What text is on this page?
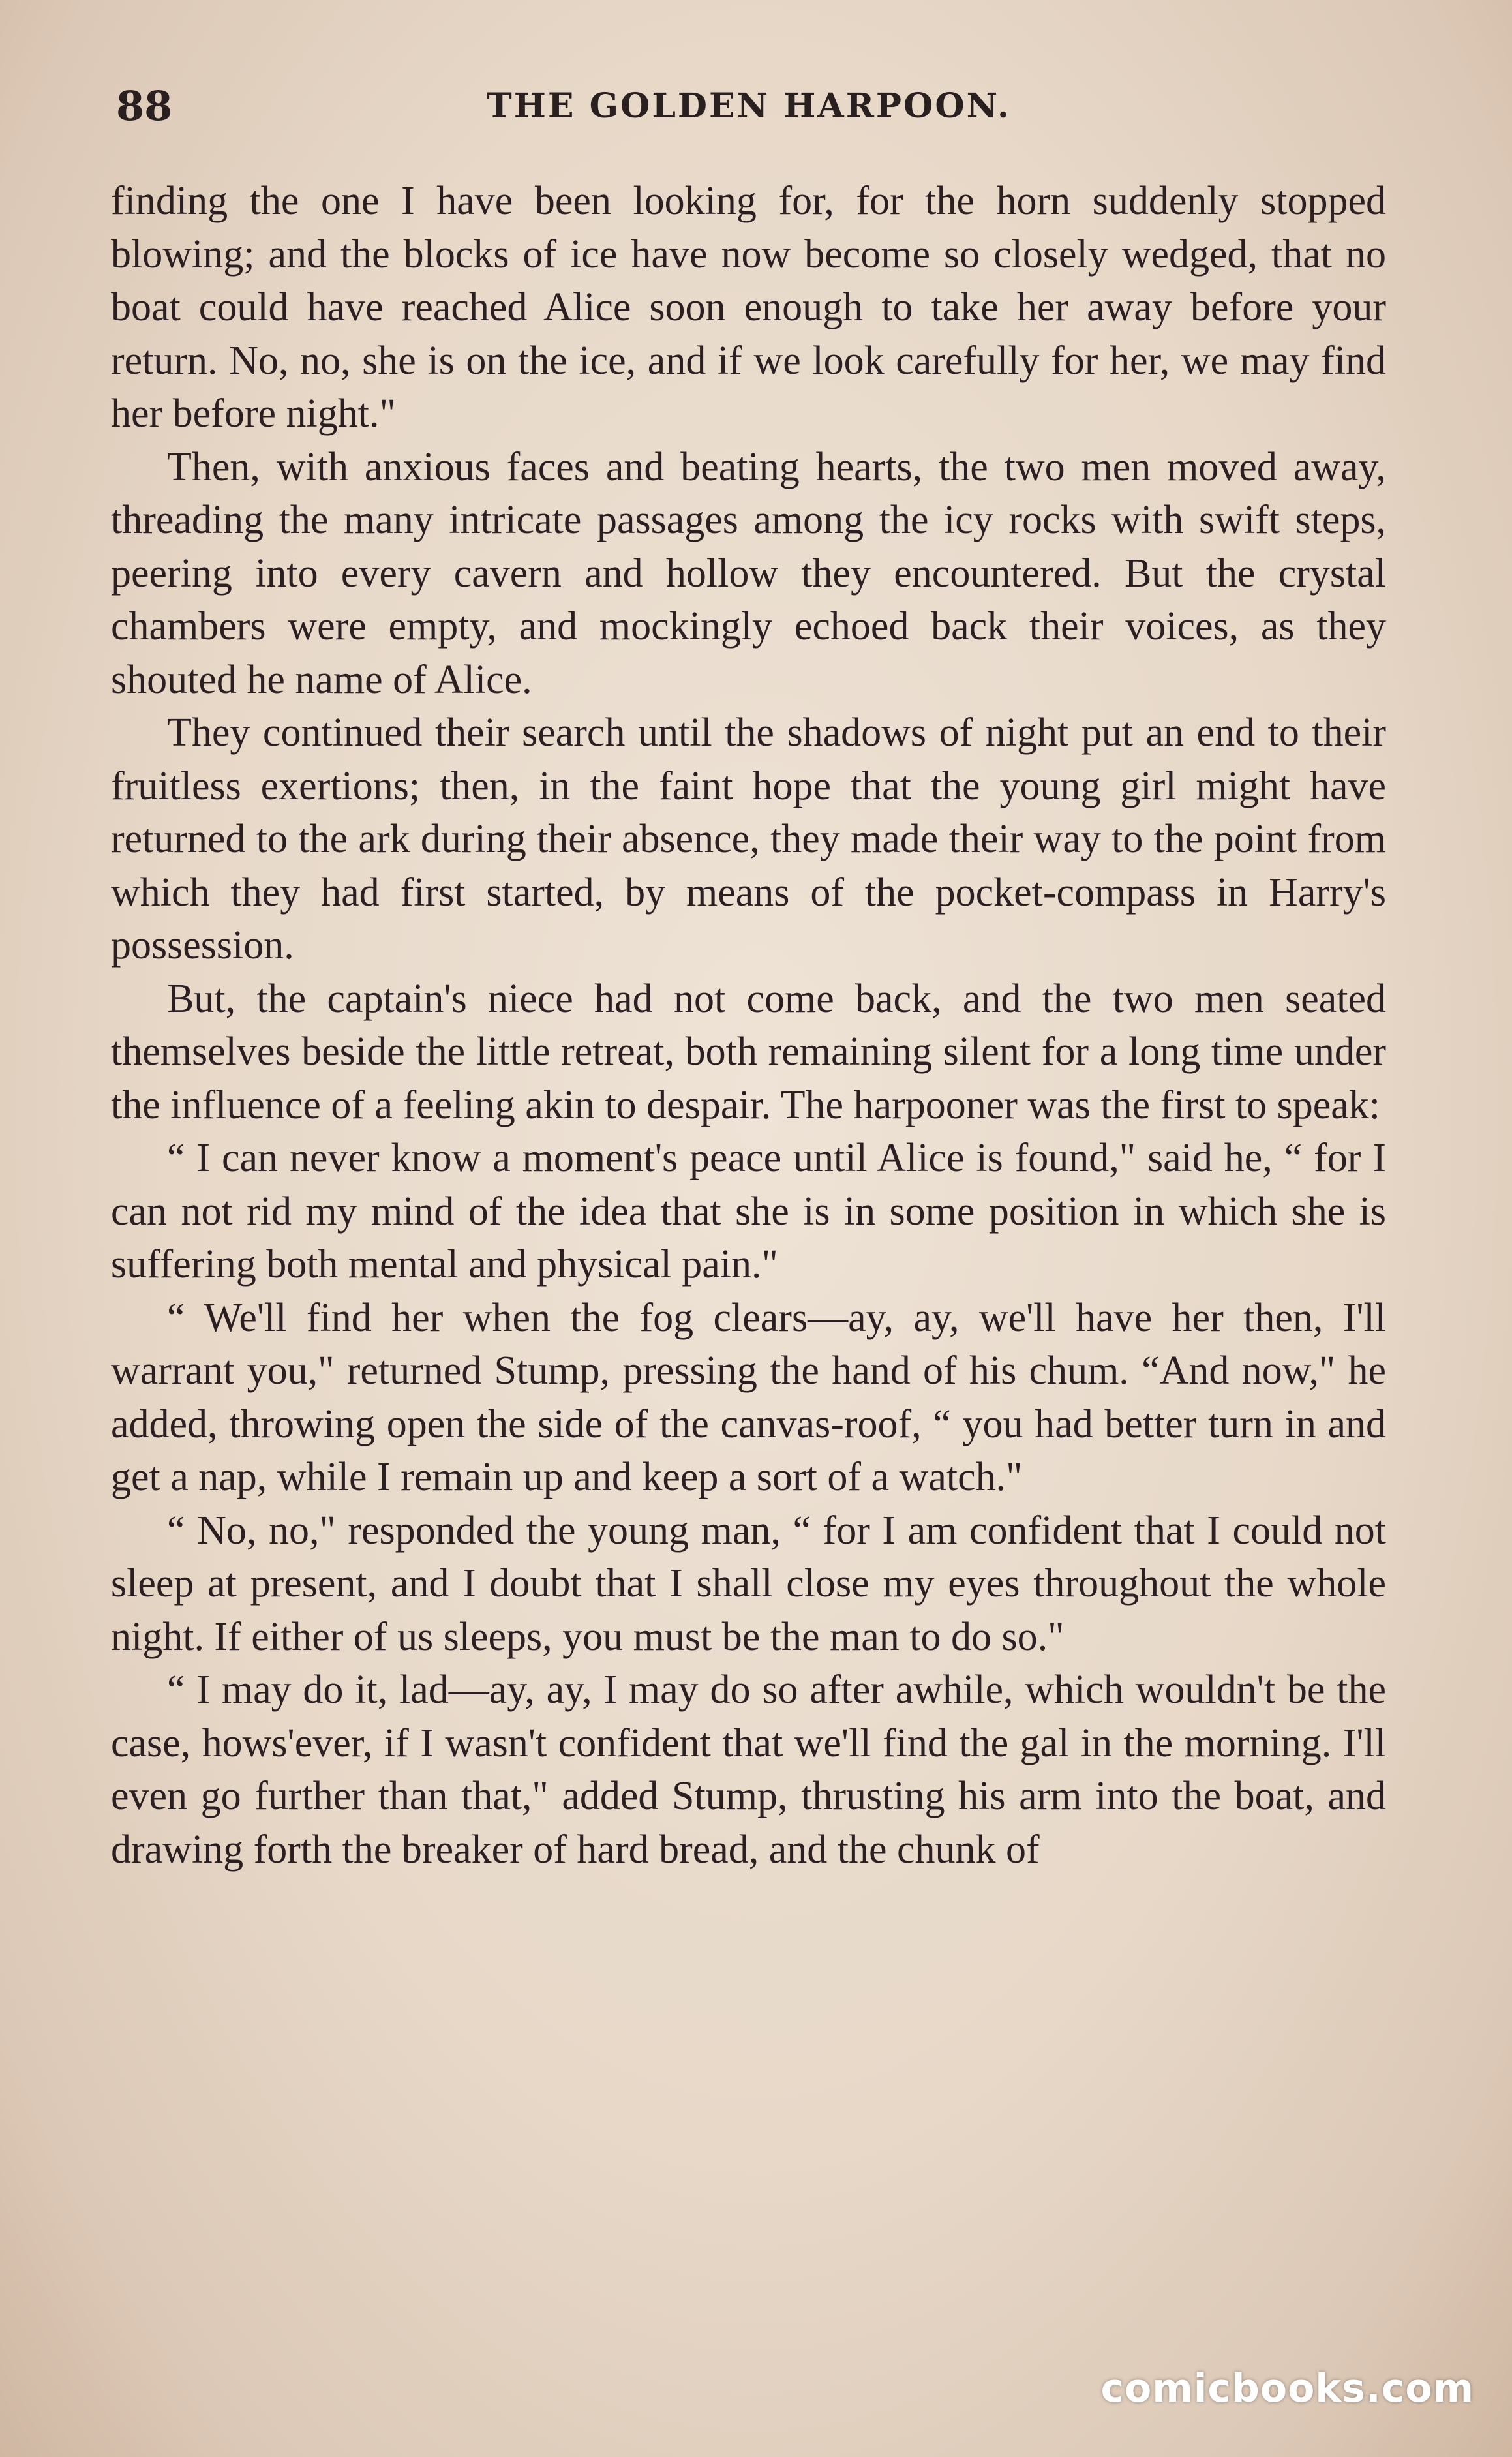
88	THE GOLDEN HARPOON.

finding the one I have been looking for, for the horn suddenly stopped blowing; and the blocks of ice have now become so closely wedged, that no boat could have reached Alice soon enough to take her away before your return. No, no, she is on the ice, and if we look carefully for her, we may find her before night."

Then, with anxious faces and beating hearts, the two men moved away, threading the many intricate passages among the icy rocks with swift steps, peering into every cavern and hollow they encountered. But the crystal chambers were empty, and mockingly echoed back their voices, as they shouted he name of Alice.

They continued their search until the shadows of night put an end to their fruitless exertions; then, in the faint hope that the young girl might have returned to the ark during their absence, they made their way to the point from which they had first started, by means of the pocket-compass in Harry's possession.

But, the captain's niece had not come back, and the two men seated themselves beside the little retreat, both remaining silent for a long time under the influence of a feeling akin to despair. The harpooner was the first to speak:

“ I can never know a moment's peace until Alice is found," said he, “ for I can not rid my mind of the idea that she is in some position in which she is suffering both mental and physical pain."

“ We'll find her when the fog clears—ay, ay, we'll have her then, I'll warrant you," returned Stump, pressing the hand of his chum. “And now," he added, throwing open the side of the canvas-roof, “ you had better turn in and get a nap, while I remain up and keep a sort of a watch."

“ No, no," responded the young man, “ for I am confident that I could not sleep at present, and I doubt that I shall close my eyes throughout the whole night. If either of us sleeps, you must be the man to do so."

“ I may do it, lad—ay, ay, I may do so after awhile, which wouldn't be the case, hows'ever, if I wasn't confident that we'll find the gal in the morning. I'll even go further than that," added Stump, thrusting his arm into the boat, and drawing forth the breaker of hard bread, and the chunk of

comicbooks.com
